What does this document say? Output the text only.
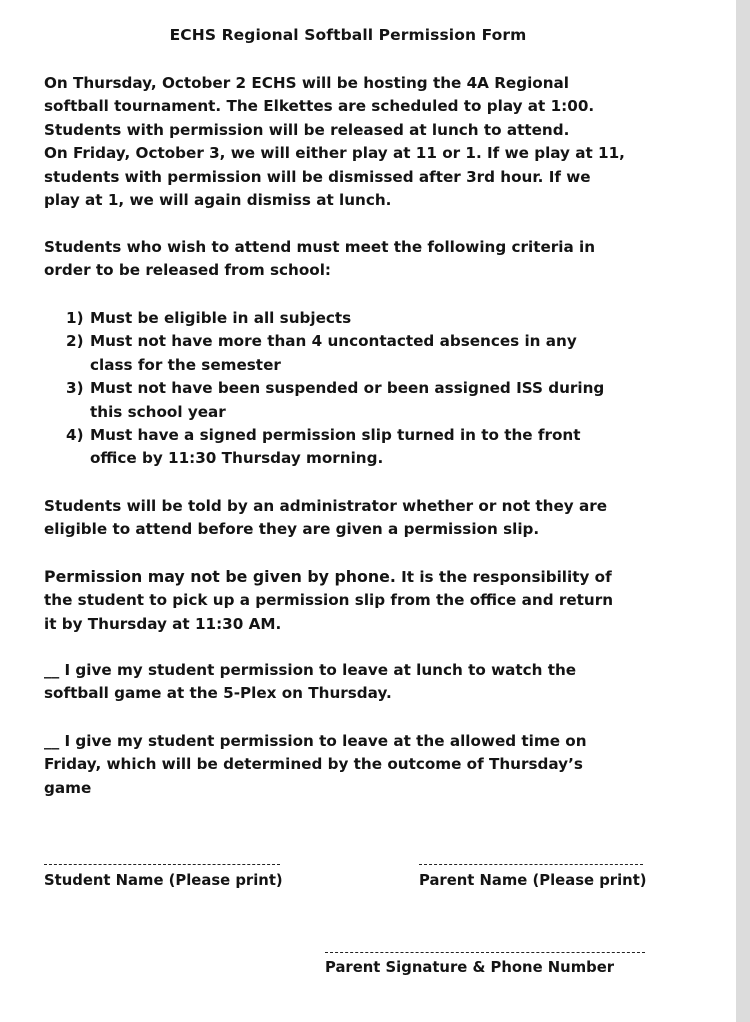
ECHS Regional Softball Permission Form

On Thursday, October 2 ECHS will be hosting the 4A Regional

softball tournament. The Elkettes are scheduled to play at 1:00.

Students with permission will be released at lunch to attend.

On Friday, October 3, we will either play at 11 or 1. If we play at 11,

students with permission will be dismissed after 3rd hour. If we

play at 1, we will again dismiss at lunch.

Students who wish to attend must meet the following criteria in

order to be released from school:

1) Must be eligible in all subjects
2) Must not have more than 4 uncontacted absences in any
class for the semester
3) Must not have been suspended or been assigned ISS during
this school year
4) Must have a signed permission slip turned in to the front
office by 11:30 Thursday morning.

Students will be told by an administrator whether or not they are

eligible to attend before they are given a permission slip.

Permission may not be given by phone. It is the responsibility of

the student to pick up a permission slip from the office and return

it by Thursday at 11:30 AM.

__ I give my student permission to leave at lunch to watch the

softball game at the 5-Plex on Thursday.

__ I give my student permission to leave at the allowed time on

Friday, which will be determined by the outcome of Thursday’s

game

Student Name (Please print)	Parent Name (Please print)
Parent Signature & Phone Number
